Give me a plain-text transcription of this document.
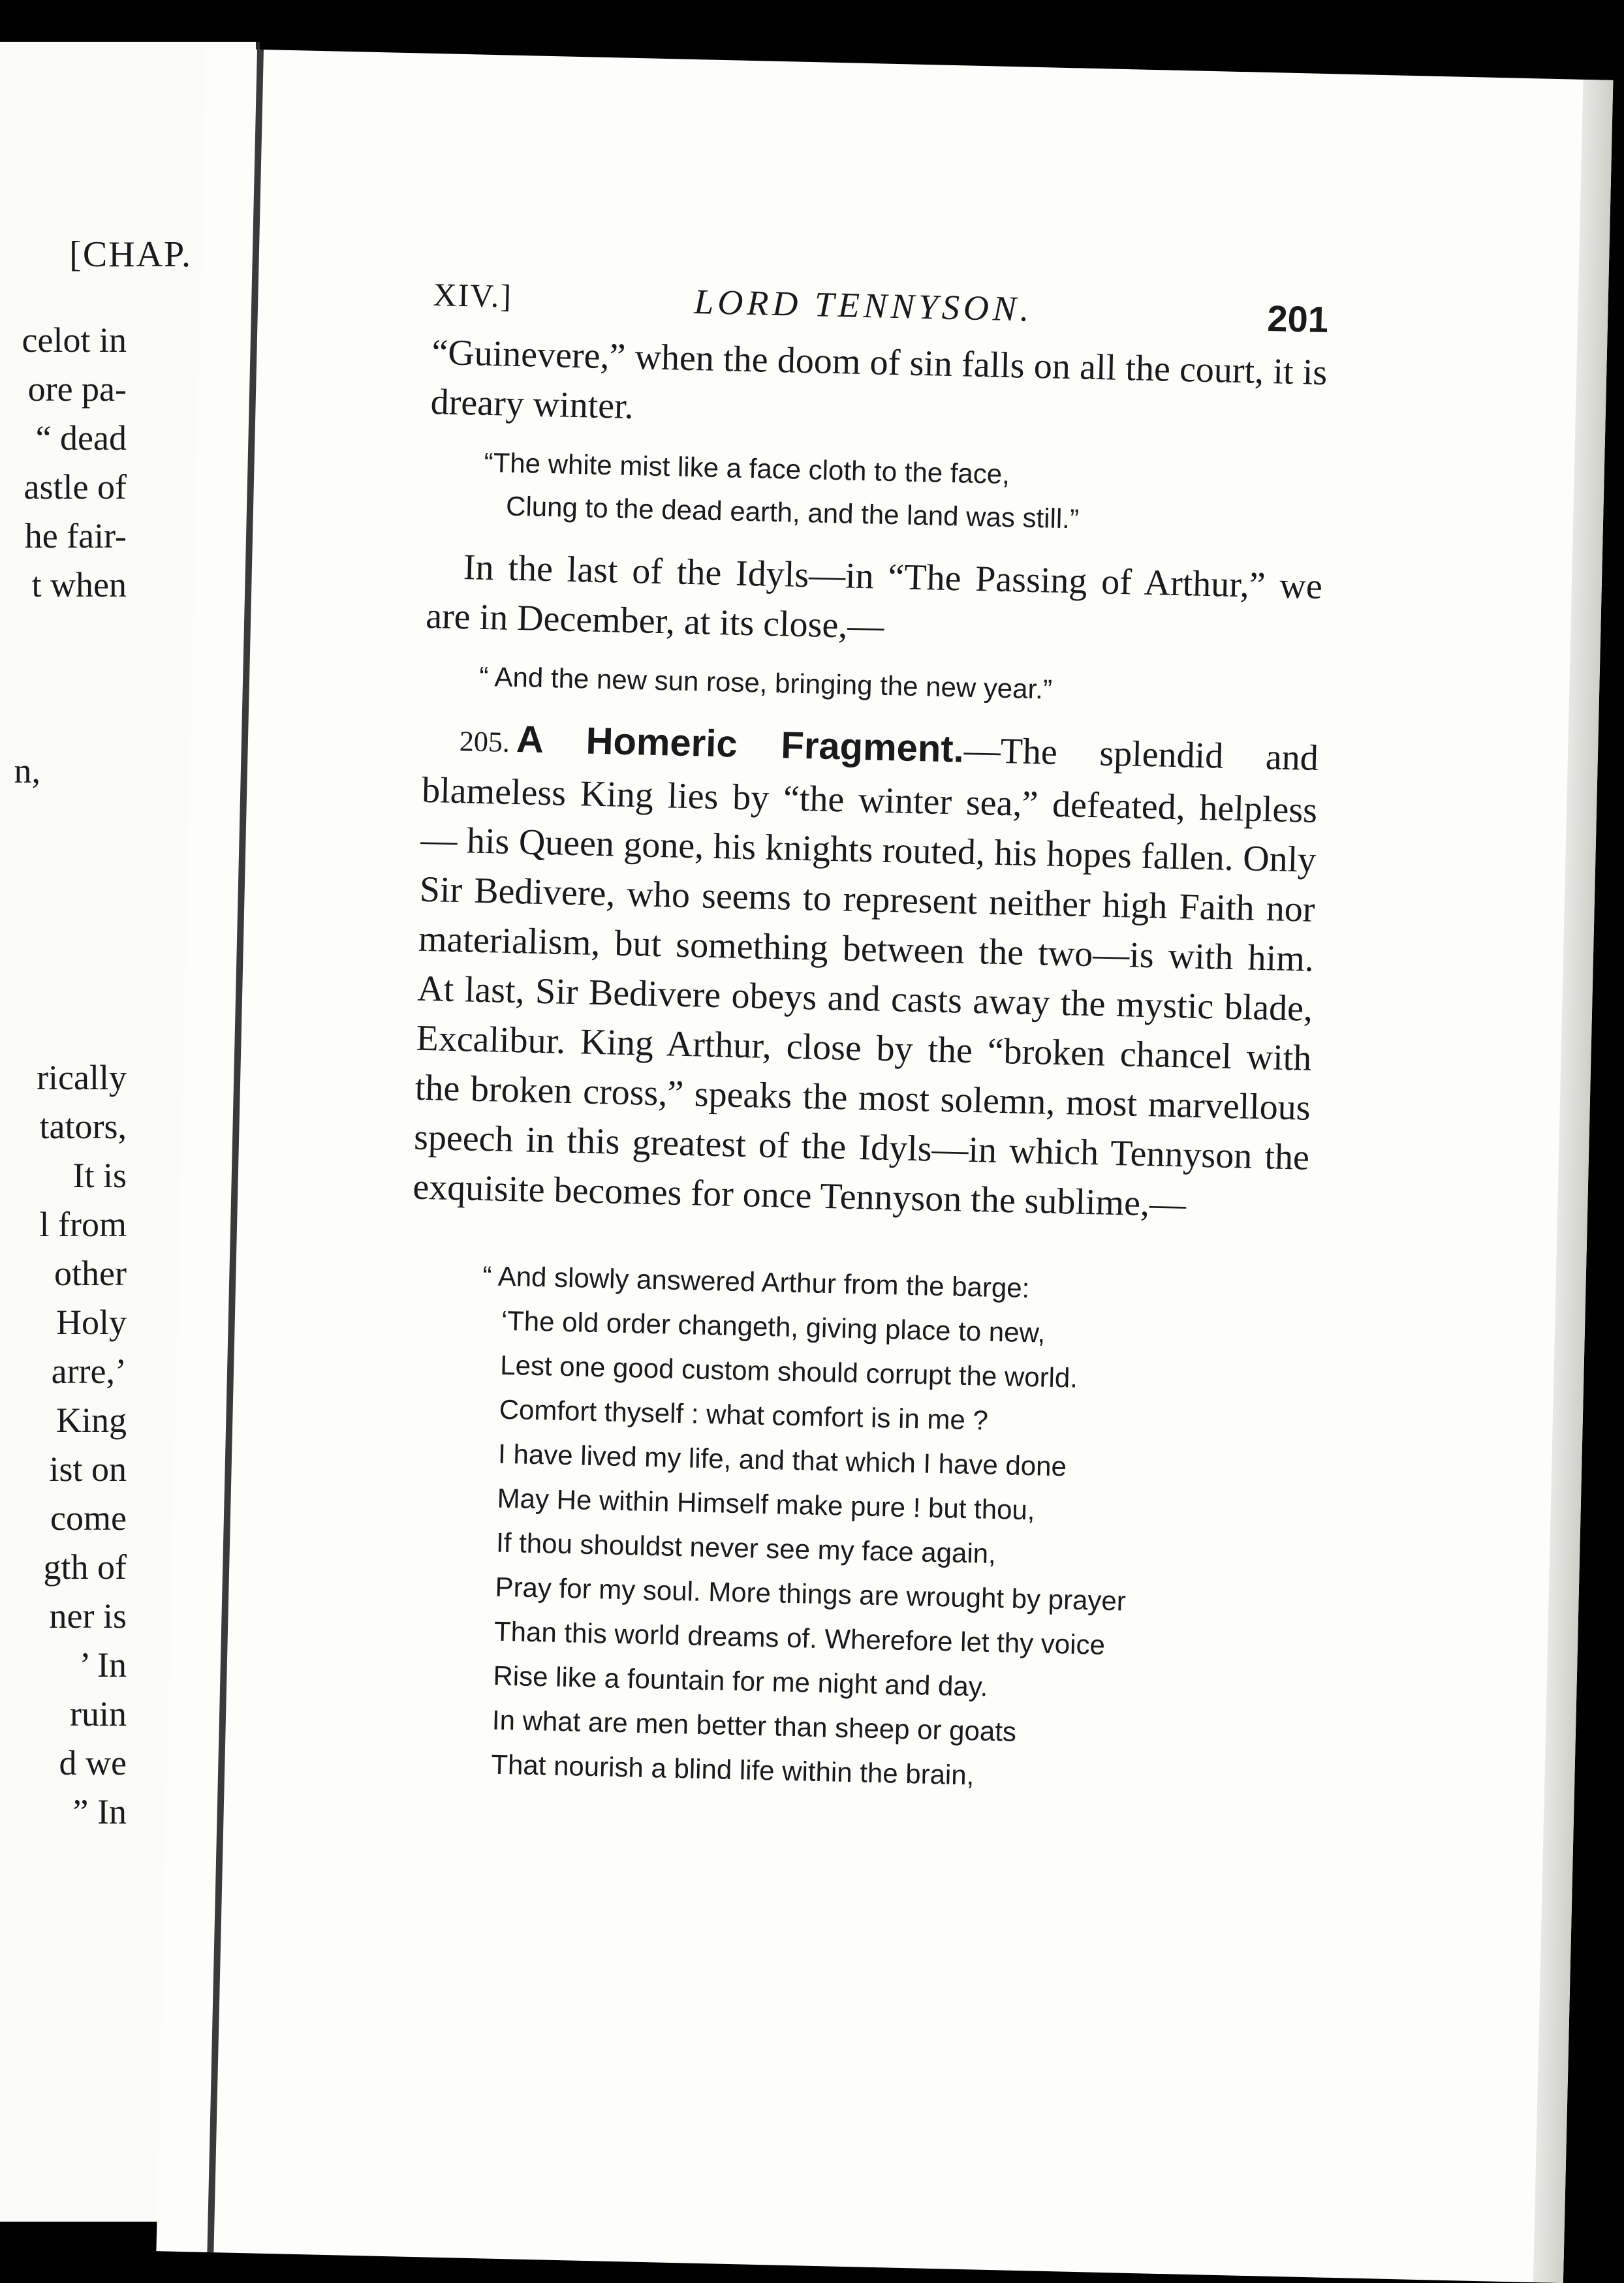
[CHAP.
celot in
ore pa-
“ dead
astle of
he fair-
t when
n,
rically
tators,
It is
l from
other
Holy
arre,’
King
ist on
come
gth of
ner is
’ In
ruin
d we
” In
XIV.]	LORD TENNYSON.	201

“Guinevere,” when the doom of sin falls on all the court, it is dreary winter.

“The white mist like a face cloth to the face,
Clung to the dead earth, and the land was still.”

In the last of the Idyls—in “The Passing of Arthur,” we are in December, at its close,—

“ And the new sun rose, bringing the new year.”

205. A Homeric Fragment.—The splendid and blameless King lies by “the winter sea,” defeated, helpless — his Queen gone, his knights routed, his hopes fallen. Only Sir Bedivere, who seems to represent neither high Faith nor materialism, but something between the two—is with him. At last, Sir Bedivere obeys and casts away the mystic blade, Excalibur. King Arthur, close by the “broken chancel with the broken cross,” speaks the most solemn, most marvellous speech in this greatest of the Idyls—in which Tennyson the exquisite becomes for once Tennyson the sublime,—

“ And slowly answered Arthur from the barge:
‘The old order changeth, giving place to new,
Lest one good custom should corrupt the world.
Comfort thyself : what comfort is in me ?
I have lived my life, and that which I have done
May He within Himself make pure ! but thou,
If thou shouldst never see my face again,
Pray for my soul. More things are wrought by prayer
Than this world dreams of. Wherefore let thy voice
Rise like a fountain for me night and day.
In what are men better than sheep or goats
That nourish a blind life within the brain,
